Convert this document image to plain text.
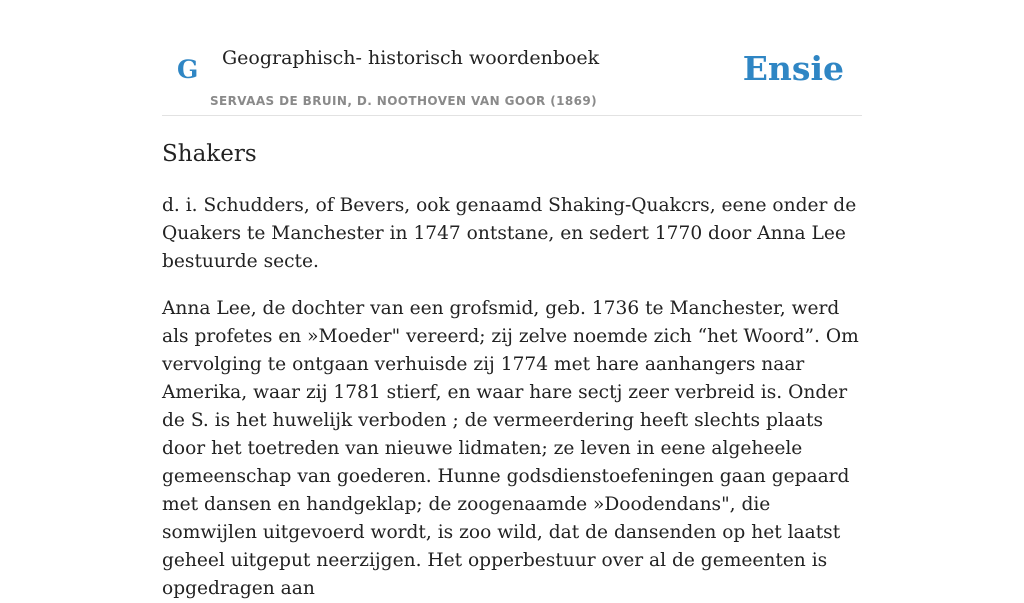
G Geographisch- historisch woordenboek
SERVAAS DE BRUIN, D. NOOTHOVEN VAN GOOR (1869)
Ensie
Shakers

d. i. Schudders, of Bevers, ook genaamd Shaking-Quakcrs, eene onder de Quakers te Manchester in 1747 ontstane, en sedert 1770 door Anna Lee bestuurde secte.

Anna Lee, de dochter van een grofsmid, geb. 1736 te Manchester, werd als profetes en »Moeder" vereerd; zij zelve noemde zich “het Woord”. Om vervolging te ontgaan verhuisde zij 1774 met hare aanhangers naar Amerika, waar zij 1781 stierf, en waar hare sectj zeer verbreid is. Onder de S. is het huwelijk verboden ; de vermeerdering heeft slechts plaats door het toetreden van nieuwe lidmaten; ze leven in eene algeheele gemeenschap van goederen. Hunne godsdienstoefeningen gaan gepaard met dansen en handgeklap; de zoogenaamde »Doodendans", die somwijlen uitgevoerd wordt, is zoo wild, dat de dansenden op het laatst geheel uitgeput neerzijgen. Het opperbestuur over al de gemeenten is opgedragen aan
